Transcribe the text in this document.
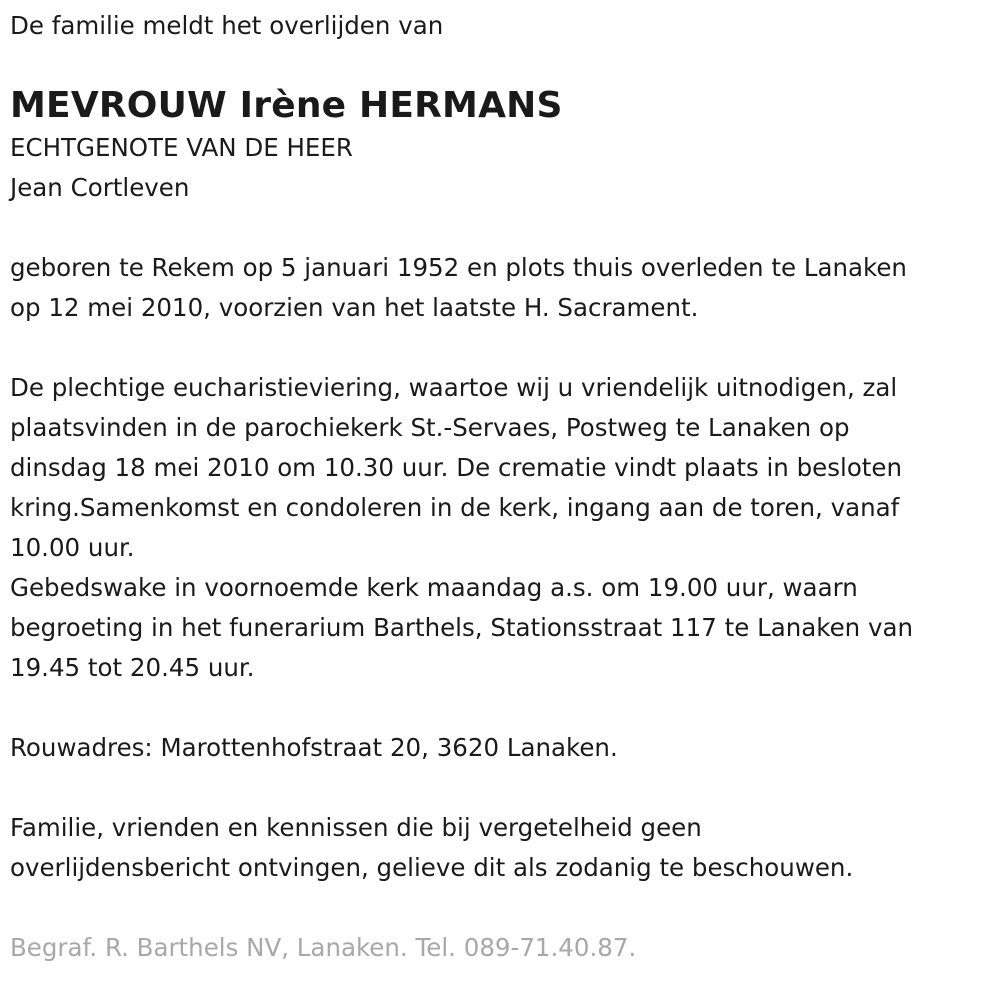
De familie meldt het overlijden van

MEVROUW Irène HERMANS

ECHTGENOTE VAN DE HEER

Jean Cortleven

geboren te Rekem op 5 januari 1952 en plots thuis overleden te Lanaken

op 12 mei 2010, voorzien van het laatste H. Sacrament.

De plechtige eucharistieviering, waartoe wij u vriendelijk uitnodigen, zal

plaatsvinden in de parochiekerk St.-Servaes, Postweg te Lanaken op

dinsdag 18 mei 2010 om 10.30 uur. De crematie vindt plaats in besloten

kring.Samenkomst en condoleren in de kerk, ingang aan de toren, vanaf

10.00 uur.

Gebedswake in voornoemde kerk maandag a.s. om 19.00 uur, waarn

begroeting in het funerarium Barthels, Stationsstraat 117 te Lanaken van

19.45 tot 20.45 uur.

Rouwadres: Marottenhofstraat 20, 3620 Lanaken.

Familie, vrienden en kennissen die bij vergetelheid geen

overlijdensbericht ontvingen, gelieve dit als zodanig te beschouwen.

Begraf. R. Barthels NV, Lanaken. Tel. 089-71.40.87.
